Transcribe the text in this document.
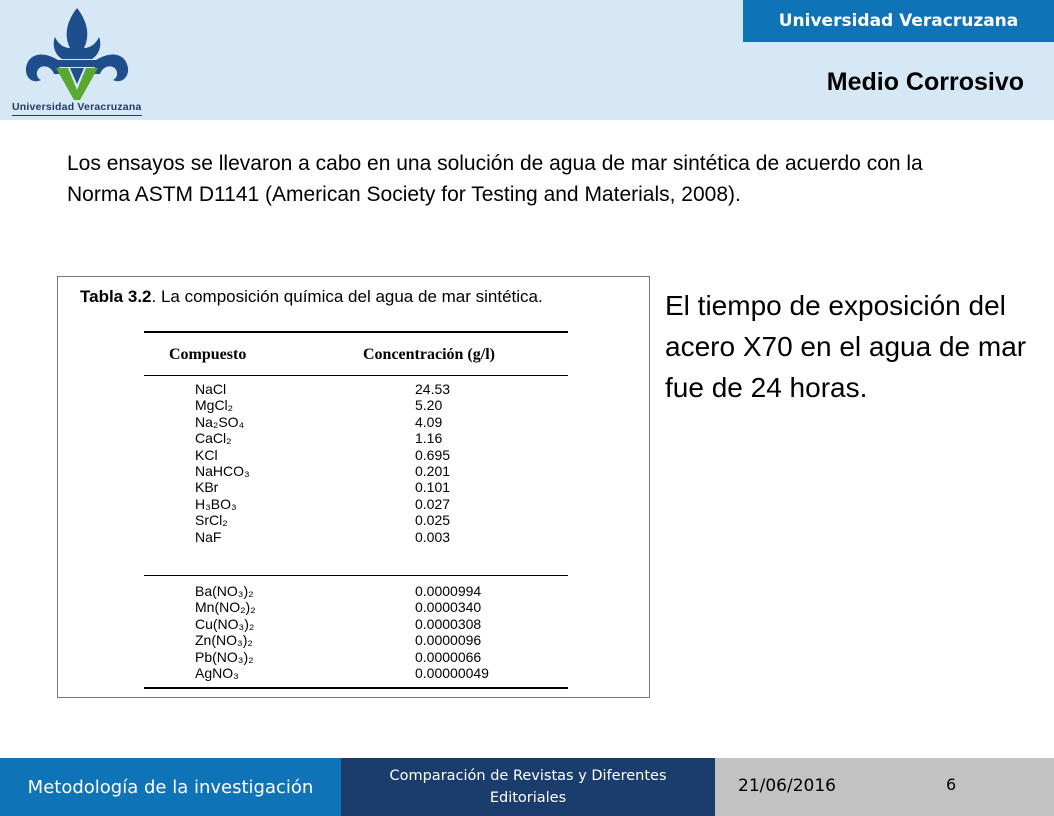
Universidad Veracruzana
Universidad Veracruzana
Medio Corrosivo
Los ensayos se llevaron a cabo en una solución de agua de mar sintética de acuerdo con la Norma ASTM D1141 (American Society for Testing and Materials, 2008).
Tabla 3.2. La composición química del agua de mar sintética.
Compuesto	Concentración (g/l)
NaCl	24.53
MgCl₂	5.20
Na₂SO₄	4.09
CaCl₂	1.16
KCl	0.695
NaHCO₃	0.201
KBr	0.101
H₃BO₃	0.027
SrCl₂	0.025
NaF	0.003
Ba(NO₃)₂	0.0000994
Mn(NO₂)₂	0.0000340
Cu(NO₃)₂	0.0000308
Zn(NO₃)₂	0.0000096
Pb(NO₃)₂	0.0000066
AgNO₃	0.00000049
El tiempo de exposición del acero X70 en el agua de mar fue de 24 horas.
Metodología de la investigación
Comparación de Revistas y Diferentes Editoriales
21/06/2016	6
